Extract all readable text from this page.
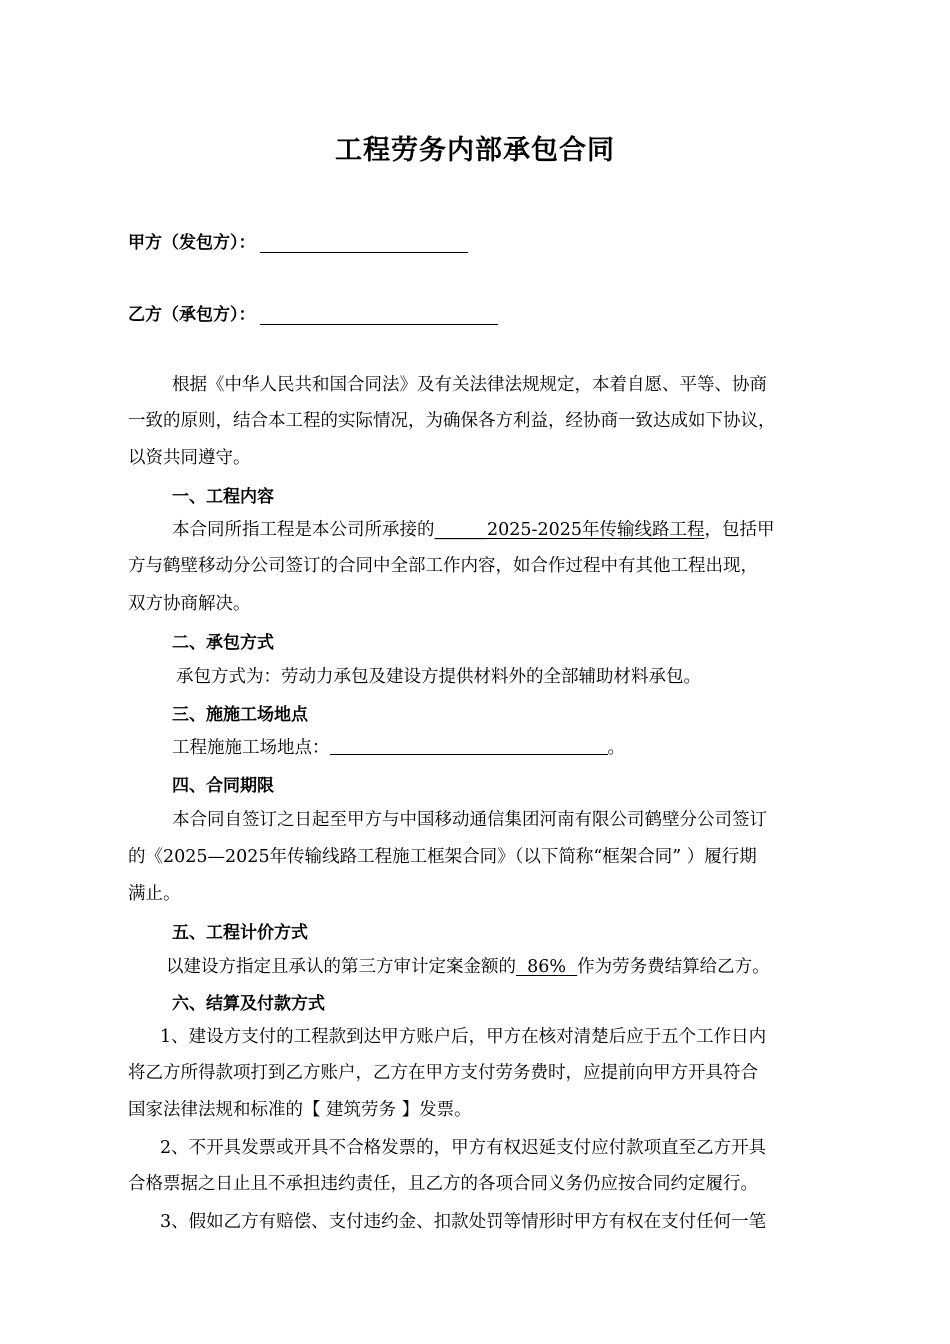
工程劳务内部承包合同
甲方（发包方）：
乙方（承包方）：
根据《中华人民共和国合同法》及有关法律法规规定，本着自愿、平等、协商
一致的原则，结合本工程的实际情况，为确保各方利益，经协商一致达成如下协议，
以资共同遵守。
一、工程内容
本合同所指工程是本公司所承接的______2025-2025年传输线路工程，包括甲
方与鹤壁移动分公司签订的合同中全部工作内容，如合作过程中有其他工程出现，
双方协商解决。
二、承包方式
承包方式为：劳动力承包及建设方提供材料外的全部辅助材料承包。
三、施施工场地点
工程施施工场地点：	。
四、合同期限
本合同自签订之日起至甲方与中国移动通信集团河南有限公司鹤壁分公司签订
的《2025—2025年传输线路工程施工框架合同》（以下简称“框架合同” ）履行期
满止。
五、工程计价方式
以建设方指定且承认的第三方审计定案金额的  86%  作为劳务费结算给乙方。
六、结算及付款方式
1、建设方支付的工程款到达甲方账户后，甲方在核对清楚后应于五个工作日内
将乙方所得款项打到乙方账户，乙方在甲方支付劳务费时，应提前向甲方开具符合
国家法律法规和标准的【 建筑劳务 】发票。
2、不开具发票或开具不合格发票的，甲方有权迟延支付应付款项直至乙方开具
合格票据之日止且不承担违约责任，且乙方的各项合同义务仍应按合同约定履行。
3、假如乙方有赔偿、支付违约金、扣款处罚等情形时甲方有权在支付任何一笔
